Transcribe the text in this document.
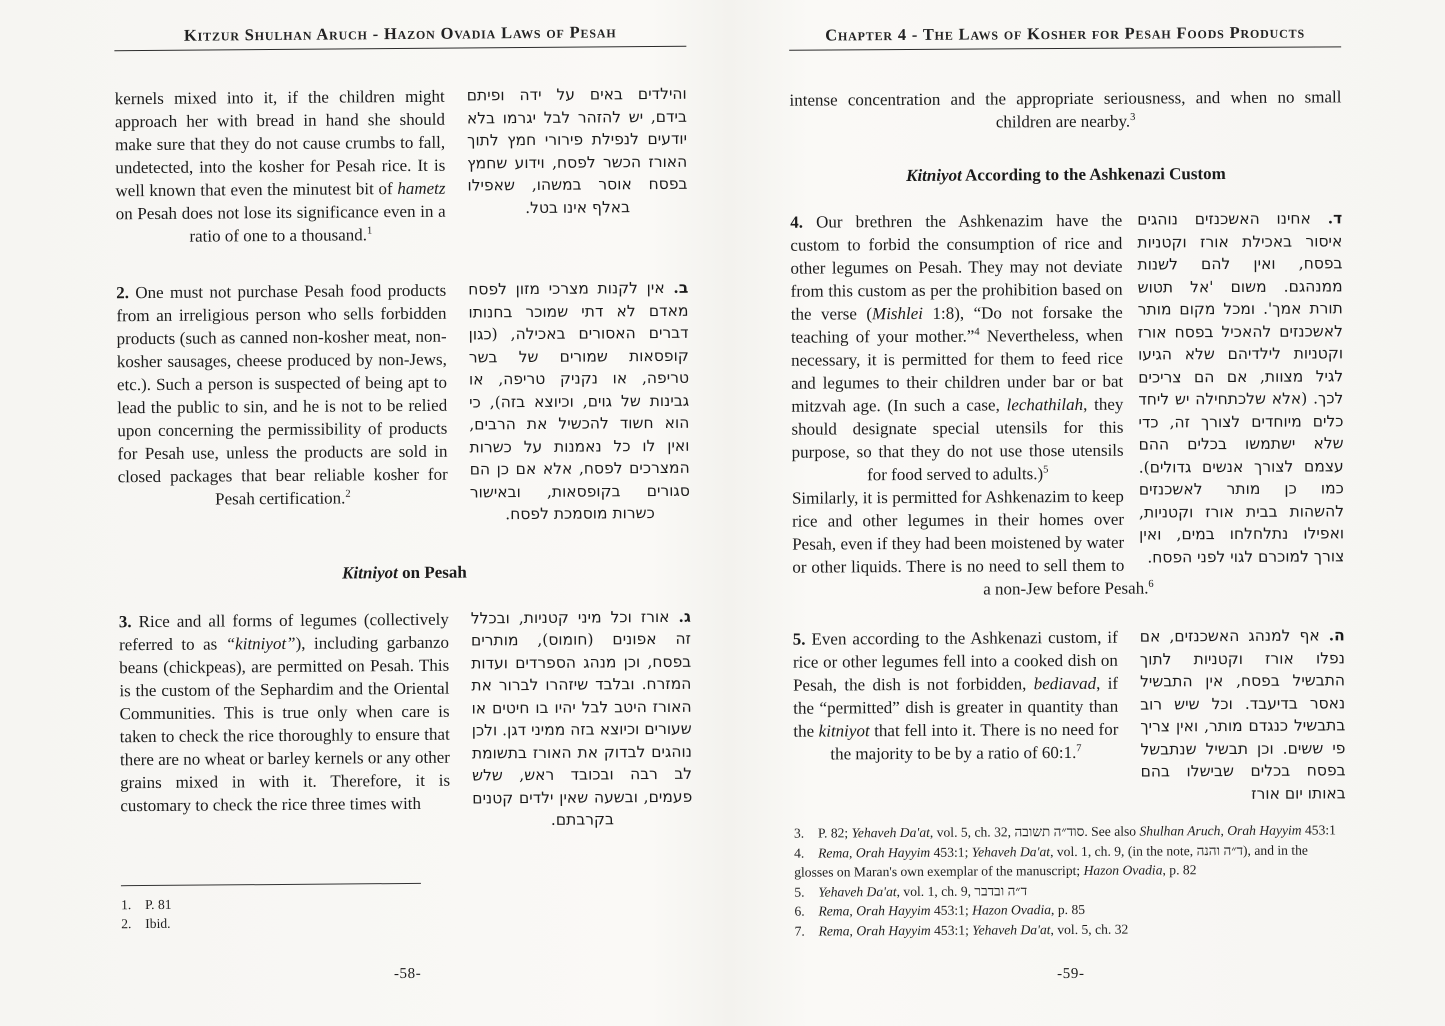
Kitzur Shulhan Aruch - Hazon Ovadia Laws of Pesah
kernels mixed into it, if the children might approach her with bread in hand she should make sure that they do not cause crumbs to fall, undetected, into the kosher for Pesah rice. It is well known that even the minutest bit of hametz on Pesah does not lose its significance even in a ratio of one to a thousand.$^1$
והילדים באים על ידה ופיתם בידם, יש להזהר לבל יגרמו בלא יודעים לנפילת פירורי חמץ לתוך האורז הכשר לפסח, וידוע שחמץ בפסח אוסר במשהו, שאפילו באלף אינו בטל.
2. One must not purchase Pesah food products from an irreligious person who sells forbidden products (such as canned non-kosher meat, non-kosher sausages, cheese produced by non-Jews, etc.). Such a person is suspected of being apt to lead the public to sin, and he is not to be relied upon concerning the permissibility of products for Pesah use, unless the products are sold in closed packages that bear reliable kosher for Pesah certification.$^2$
ב. אין לקנות מצרכי מזון לפסח מאדם לא דתי שמוכר בחנותו דברים האסורים באכילה, (כגון קופסאות שמורים של בשר טריפה, או נקניק טריפה, או גבינות של גוים, וכיוצא בזה), כי הוא חשוד להכשיל את הרבים, ואין לו כל נאמנות על כשרות המצרכים לפסח, אלא אם כן הם סגורים בקופסאות, ובאישור כשרות מוסמכת לפסח.
Kitniyot on Pesah
3. Rice and all forms of legumes (collectively referred to as “kitniyot”), including garbanzo beans (chickpeas), are permitted on Pesah. This is the custom of the Sephardim and the Oriental Communities. This is true only when care is taken to check the rice thoroughly to ensure that there are no wheat or barley kernels or any other grains mixed in with it. Therefore, it is customary to check the rice three times with
ג. אורז וכל מיני קטניות, ובכלל זה אפונים (חומוס), מותרים בפסח, וכן מנהג הספרדים ועדות המזרח. ובלבד שיזהרו לברור את האורז היטב לבל יהיו בו חיטים או שעורים וכיוצא בזה ממיני דגן. ולכן נוהגים לבדוק את האורז בתשומת לב רבה ובכובד ראש, שלש פעמים, ובשעה שאין ילדים קטנים בקרבתם.
1. P. 81
2. Ibid.
-58-
Chapter 4 - The Laws of Kosher for Pesah Foods Products
intense concentration and the appropriate seriousness, and when no small children are nearby.$^3$
Kitniyot According to the Ashkenazi Custom
ד. אחינו האשכנזים נוהגים איסור באכילת אורז וקטניות בפסח, ואין להם לשנות ממנהגם. משום 'אל תטוש תורת אמך'. ומכל מקום מותר לאשכנזים להאכיל בפסח אורז וקטניות לילדיהם שלא הגיעו לגיל מצוות, אם הם צריכים לכך. (אלא שלכתחילה יש ליחד כלים מיוחדים לצורך זה, כדי שלא ישתמשו בכלים ההם עצמם לצורך אנשים גדולים). כמו כן מותר לאשכנזים להשהות בבית אורז וקטניות, ואפילו נתלחלחו במים, ואין צורך למוכרם לגוי לפני הפסח.
4. Our brethren the Ashkenazim have the custom to forbid the consumption of rice and other legumes on Pesah. They may not deviate from this custom as per the prohibition based on the verse (Mishlei 1:8), “Do not forsake the teaching of your mother.”$^4$ Nevertheless, when necessary, it is permitted for them to feed rice and legumes to their children under bar or bat mitzvah age. (In such a case, lechathilah, they should designate special utensils for this purpose, so that they do not use those utensils for food served to adults.)$^5$
Similarly, it is permitted for Ashkenazim to keep rice and other legumes in their homes over Pesah, even if they had been moistened by water or other liquids. There is no need to sell them to a non-Jew before Pesah.$^6$
5. Even according to the Ashkenazi custom, if rice or other legumes fell into a cooked dish on Pesah, the dish is not forbidden, bediavad, if the “permitted” dish is greater in quantity than the kitniyot that fell into it. There is no need for the majority to be by a ratio of 60:1.$^7$
ה. אף למנהג האשכנזים, אם נפלו אורז וקטניות לתוך התבשיל בפסח, אין התבשיל נאסר בדיעבד. וכל שיש רוב בתבשיל כנגדם מותר, ואין צריך פי ששים. וכן תבשיל שנתבשל בפסח בכלים שבישלו בהם באותו יום אורז
3. P. 82; Yehaveh Da'at, vol. 5, ch. 32, סוד״ה תשובה. See also Shulhan Aruch, Orah Hayyim 453:1
4. Rema, Orah Hayyim 453:1; Yehaveh Da'at, vol. 1, ch. 9, (in the note, ד״ה והנה), and in the glosses on Maran's own exemplar of the manuscript; Hazon Ovadia, p. 82
5. Yehaveh Da'at, vol. 1, ch. 9, ד״ה ובדבר
6. Rema, Orah Hayyim 453:1; Hazon Ovadia, p. 85
7. Rema, Orah Hayyim 453:1; Yehaveh Da'at, vol. 5, ch. 32
-59-
